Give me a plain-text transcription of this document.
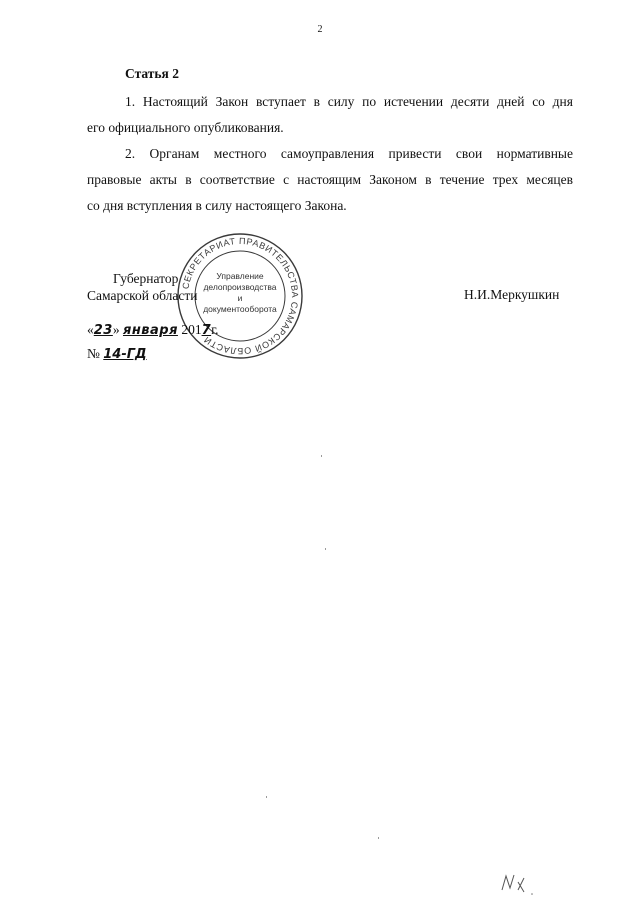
2
Статья 2

1. Настоящий Закон вступает в силу по истечении десяти дней со дня
его официального опубликования.

2. Органам местного самоуправления привести свои нормативные
правовые акты в соответствие с настоящим Законом в течение трех месяцев
со дня вступления в силу настоящего Закона.

СЕКРЕТАРИАТ ПРАВИТЕЛЬСТВА САМАРСКОЙ ОБЛАСТИ
Управление
делопроизводства
и документооборота
Губернатор
Самарской области	Н.И.Меркушкин
«23» января 2017г.
№ 14-ГД
